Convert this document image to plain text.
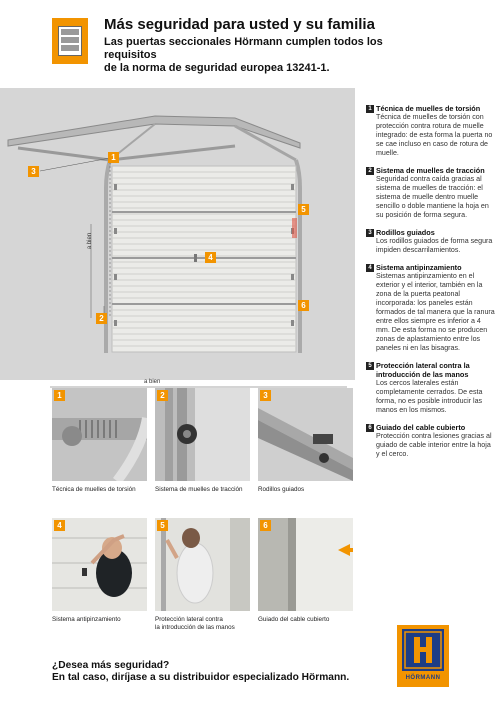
Más seguridad para usted y su familia
Las puertas seccionales Hörmann cumplen todos los requisitos
de la norma de seguridad europea 13241-1.
1
2
3
4
5
6
a bien
1 Técnica de muelles de torsión
Técnica de muelles de torsión con protección contra rotura de muelle integrado: de esta forma la puerta no se cae incluso en caso de rotura de muelle.
2 Sistema de muelles de tracción
Seguridad contra caída gracias al sistema de muelles de tracción: el sistema de muelle dentro muelle sencillo o doble mantiene la hoja en su posición de forma segura.
3 Rodillos guiados
Los rodillos guiados de forma segura impiden descarrilamientos.
4 Sistema antipinzamiento
Sistemas antipinzamiento en el exterior y el interior, también en la zona de la puerta peatonal incorporada: los paneles están formados de tal manera que la ranura entre ellos siempre es inferior a 4 mm. De esta forma no se producen zonas de aplastamiento entre los paneles ni en las bisagras.
5 Protección lateral contra la introducción de las manos
Los cercos laterales están completamente cerrados. De esta forma, no es posible introducir las manos en los mismos.
6 Guiado del cable cubierto
Protección contra lesiones gracias al guiado de cable interior entre la hoja y el cerco.
a bien
1
Técnica de muelles de torsión
2
Sistema de muelles de tracción
3
Rodillos guiados
4
Sistema antipinzamiento
5
Protección lateral contra
la introducción de las manos
6
Guiado del cable cubierto
¿Desea más seguridad?
En tal caso, diríjase a su distribuidor especializado Hörmann.	HÖRMANN
